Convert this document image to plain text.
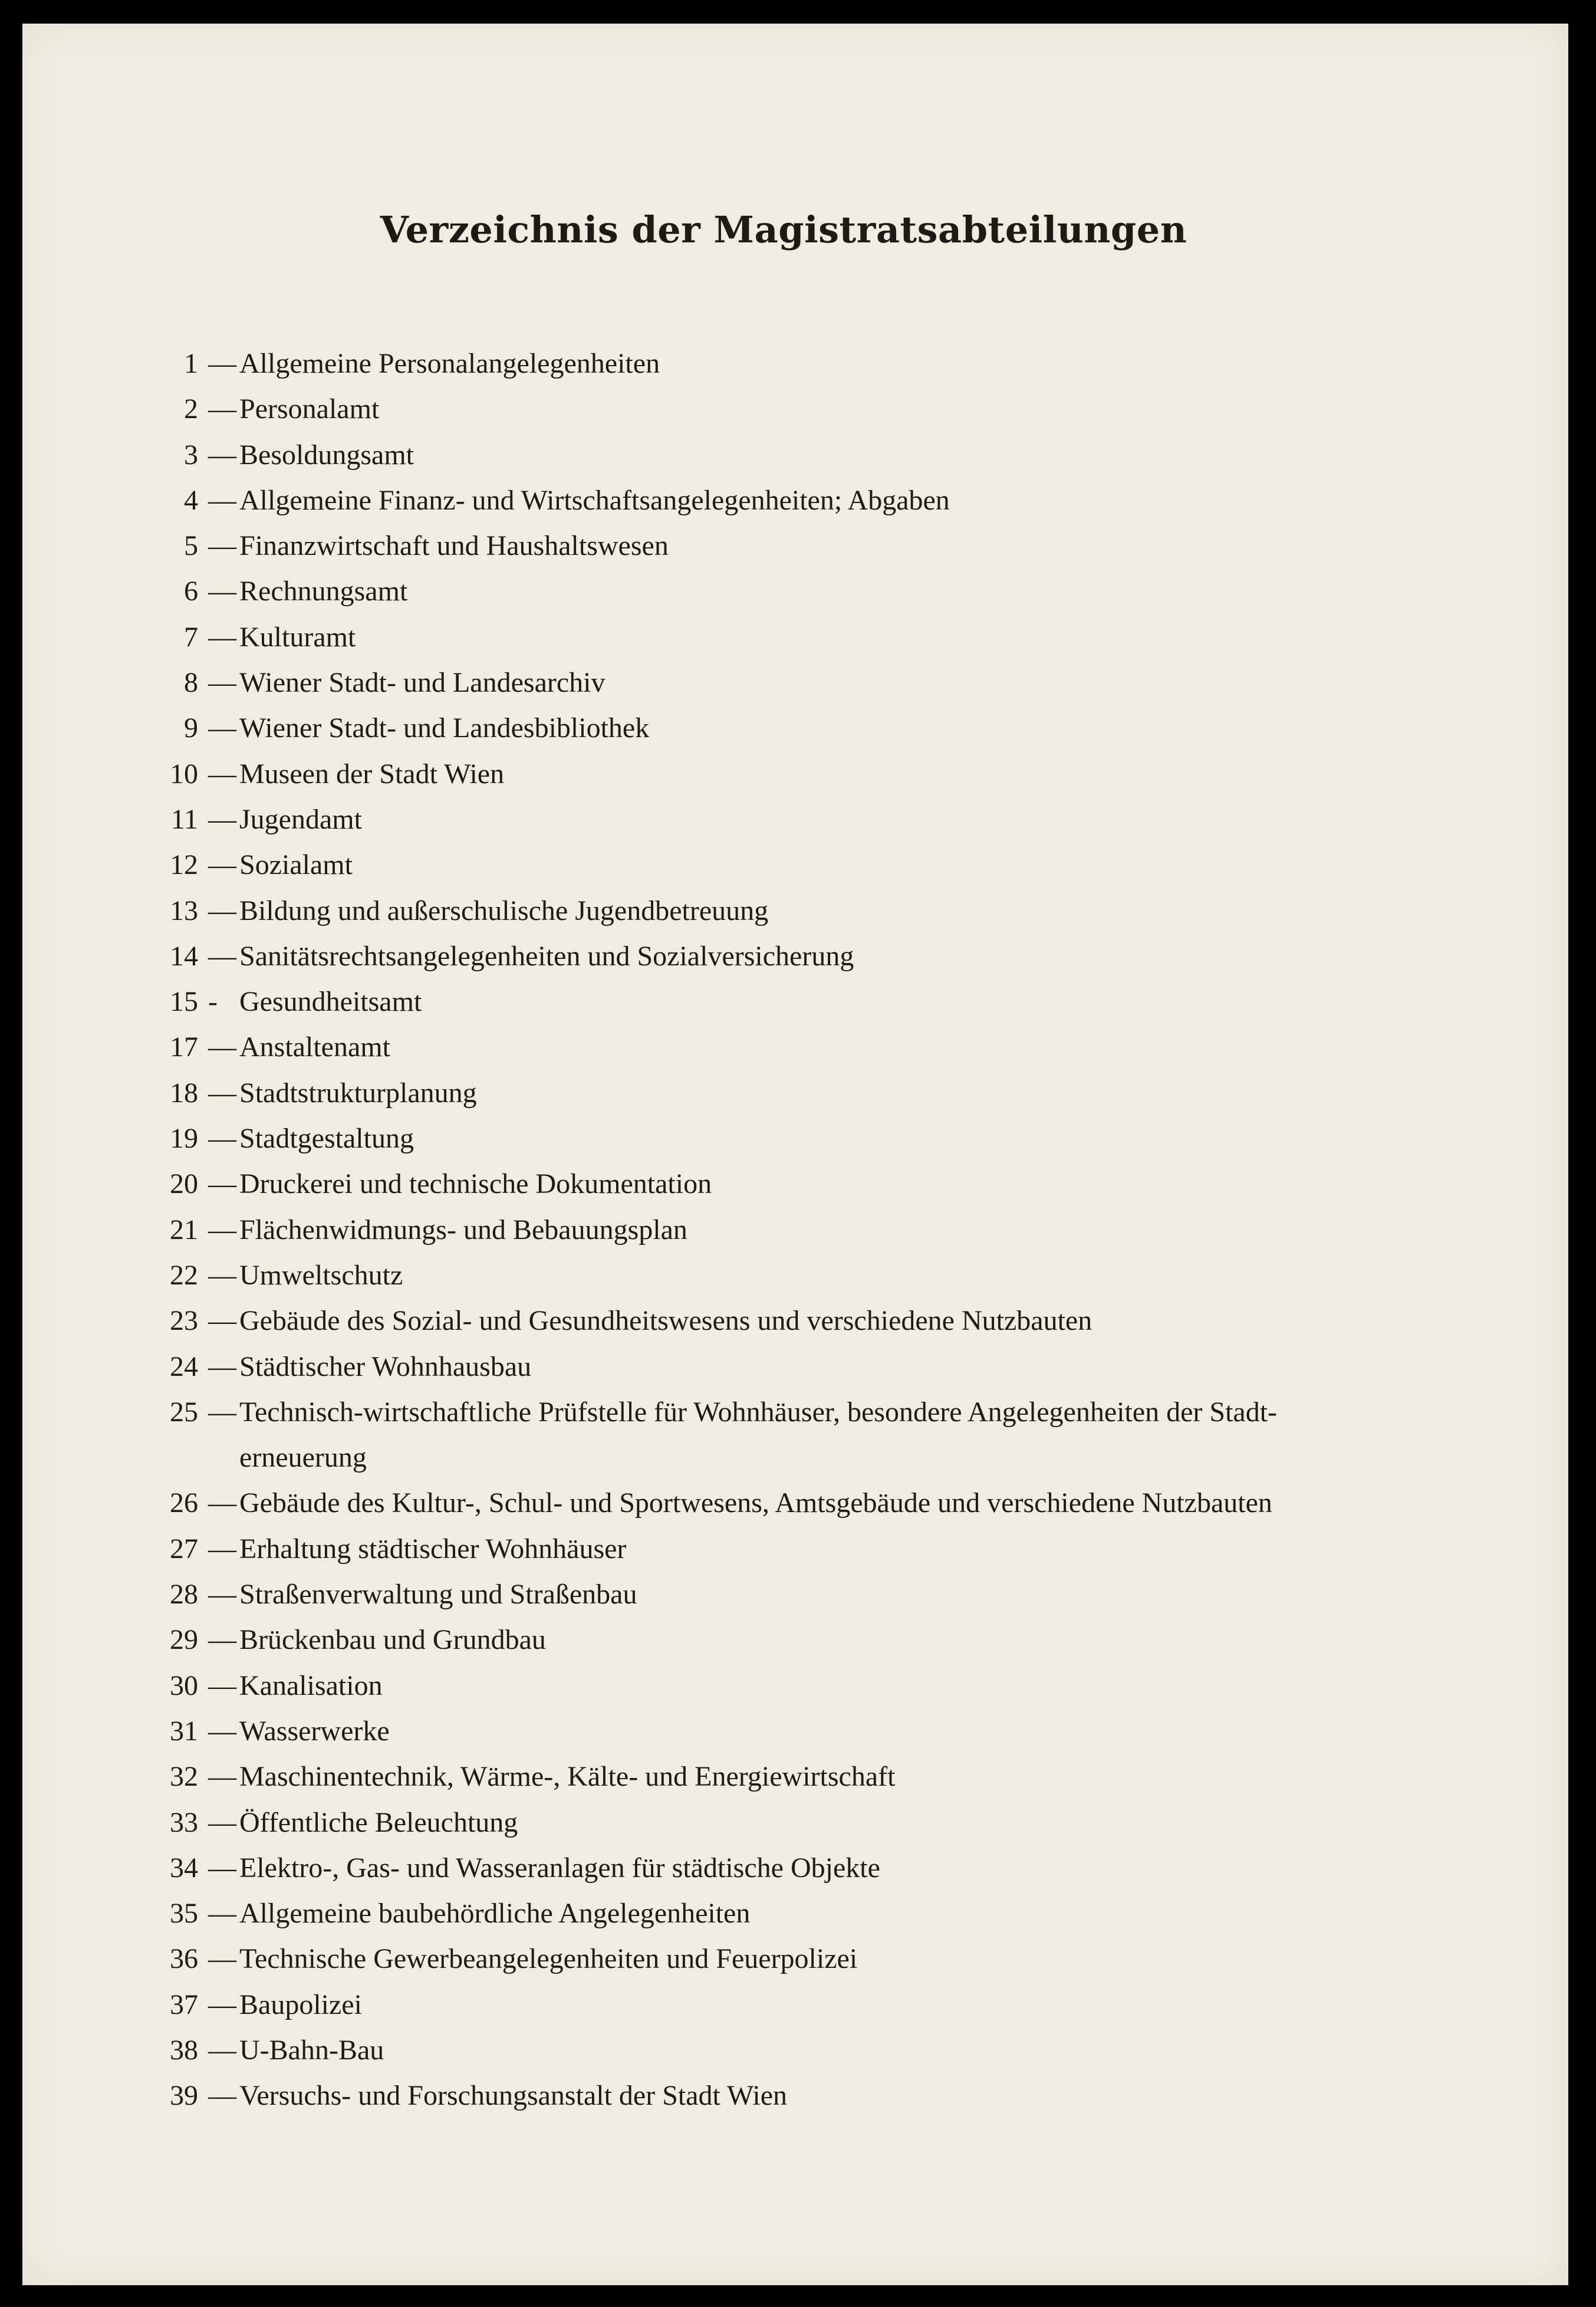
Verzeichnis der Magistratsabteilungen
1 — Allgemeine Personalangelegenheiten
2 — Personalamt
3 — Besoldungsamt
4 — Allgemeine Finanz- und Wirtschaftsangelegenheiten; Abgaben
5 — Finanzwirtschaft und Haushaltswesen
6 — Rechnungsamt
7 — Kulturamt
8 — Wiener Stadt- und Landesarchiv
9 — Wiener Stadt- und Landesbibliothek
10 — Museen der Stadt Wien
11 — Jugendamt
12 — Sozialamt
13 — Bildung und außerschulische Jugendbetreuung
14 — Sanitätsrechtsangelegenheiten und Sozialversicherung
15 - Gesundheitsamt
17 — Anstaltenamt
18 — Stadtstrukturplanung
19 — Stadtgestaltung
20 — Druckerei und technische Dokumentation
21 — Flächenwidmungs- und Bebauungsplan
22 — Umweltschutz
23 — Gebäude des Sozial- und Gesundheitswesens und verschiedene Nutzbauten
24 — Städtischer Wohnhausbau
25 — Technisch-wirtschaftliche Prüfstelle für Wohnhäuser, besondere Angelegenheiten der Stadt-
erneuerung
26 — Gebäude des Kultur-, Schul- und Sportwesens, Amtsgebäude und verschiedene Nutzbauten
27 — Erhaltung städtischer Wohnhäuser
28 — Straßenverwaltung und Straßenbau
29 — Brückenbau und Grundbau
30 — Kanalisation
31 — Wasserwerke
32 — Maschinentechnik, Wärme-, Kälte- und Energiewirtschaft
33 — Öffentliche Beleuchtung
34 — Elektro-, Gas- und Wasseranlagen für städtische Objekte
35 — Allgemeine baubehördliche Angelegenheiten
36 — Technische Gewerbeangelegenheiten und Feuerpolizei
37 — Baupolizei
38 — U-Bahn-Bau
39 — Versuchs- und Forschungsanstalt der Stadt Wien
